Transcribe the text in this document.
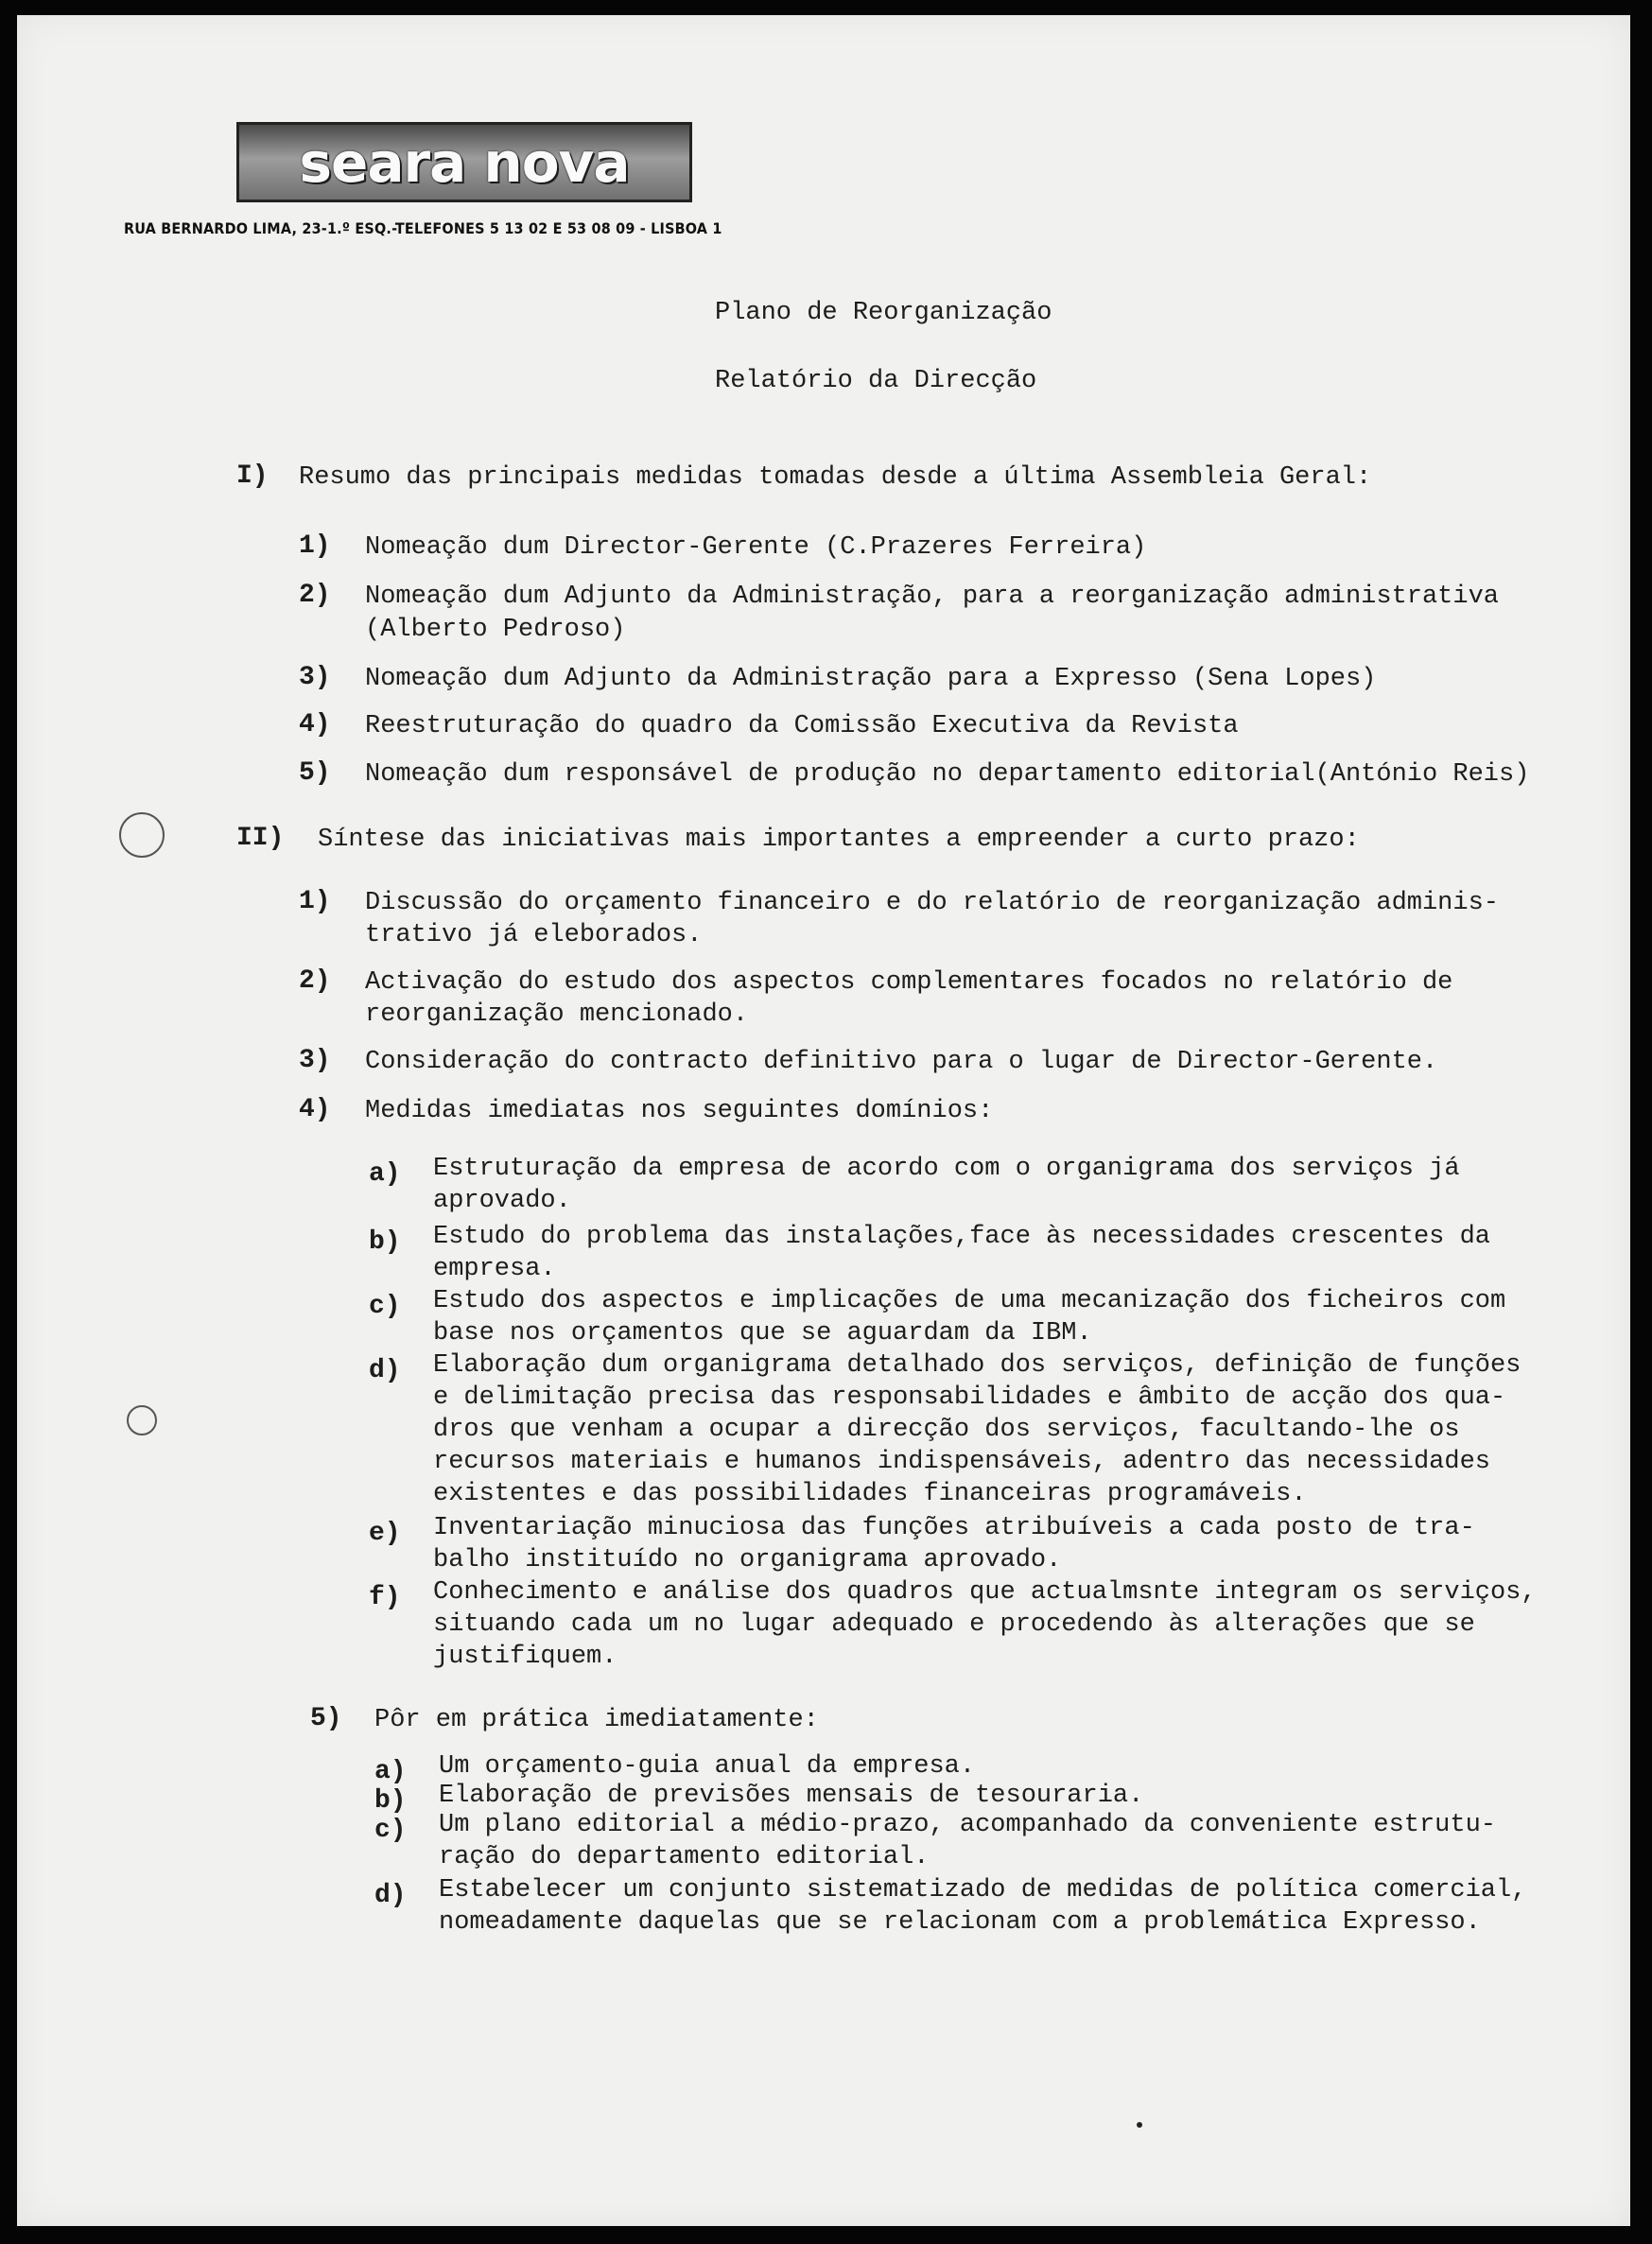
seara nova
RUA BERNARDO LIMA, 23-1.º ESQ.-TELEFONES 5 13 02 E 53 08 09 - LISBOA 1
Plano de Reorganização
Relatório da Direcção
I) Resumo das principais medidas tomadas desde a última Assembleia Geral:
1) Nomeação dum Director-Gerente (C.Prazeres Ferreira)
2) Nomeação dum Adjunto da Administração, para a reorganização administrativa
(Alberto Pedroso)
3) Nomeação dum Adjunto da Administração para a Expresso (Sena Lopes)
4) Reestruturação do quadro da Comissão Executiva da Revista
5) Nomeação dum responsável de produção no departamento editorial(António Reis)
II) Síntese das iniciativas mais importantes a empreender a curto prazo:
1) Discussão do orçamento financeiro e do relatório de reorganização adminis-
trativo já eleborados.
2) Activação do estudo dos aspectos complementares focados no relatório de
reorganização mencionado.
3) Consideração do contracto definitivo para o lugar de Director-Gerente.
4) Medidas imediatas nos seguintes domínios:
a) Estruturação da empresa de acordo com o organigrama dos serviços já
aprovado.
b) Estudo do problema das instalações,face às necessidades crescentes da
empresa.
c) Estudo dos aspectos e implicações de uma mecanização dos ficheiros com
base nos orçamentos que se aguardam da IBM.
d) Elaboração dum organigrama detalhado dos serviços, definição de funções
e delimitação precisa das responsabilidades e âmbito de acção dos qua-
dros que venham a ocupar a direcção dos serviços, facultando-lhe os
recursos materiais e humanos indispensáveis, adentro das necessidades
existentes e das possibilidades financeiras programáveis.
e) Inventariação minuciosa das funções atribuíveis a cada posto de tra-
balho instituído no organigrama aprovado.
f) Conhecimento e análise dos quadros que actualmsnte integram os serviços,
situando cada um no lugar adequado e procedendo às alterações que se
justifiquem.
5) Pôr em prática imediatamente:
a) Um orçamento-guia anual da empresa.
b) Elaboração de previsões mensais de tesouraria.
c) Um plano editorial a médio-prazo, acompanhado da conveniente estrutu-
ração do departamento editorial.
d) Estabelecer um conjunto sistematizado de medidas de política comercial,
nomeadamente daquelas que se relacionam com a problemática Expresso.
